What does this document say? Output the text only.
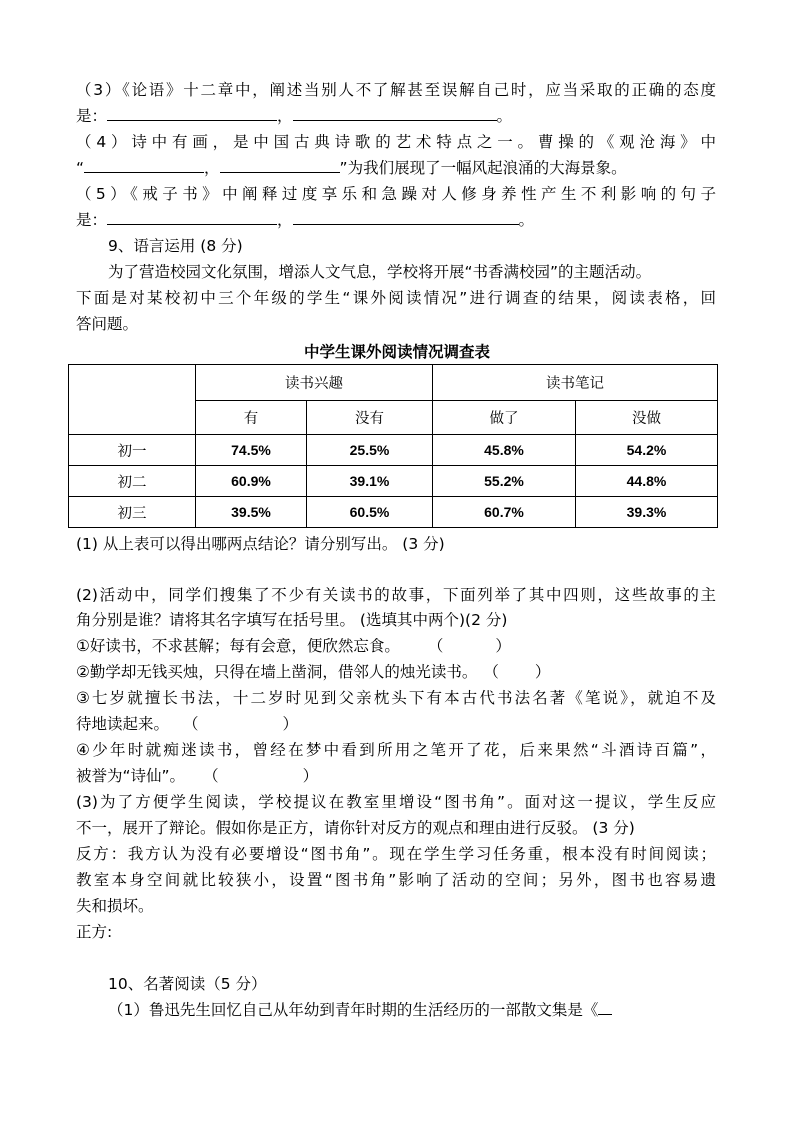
（3）《论语》十二章中，阐述当别人不了解甚至误解自己时，应当采取的正确的态度
是：	，	。
（4）诗中有画，是中国古典诗歌的艺术特点之一。曹操的《观沧海》中
“	，	”为我们展现了一幅风起浪涌的大海景象。
（5）《戒子书》中阐释过度享乐和急躁对人修身养性产生不利影响的句子
是：	，	。
9、语言运用 (8 分)
为了营造校园文化氛围，增添人文气息，学校将开展“书香满校园”的主题活动。
下面是对某校初中三个年级的学生“课外阅读情况”进行调查的结果，阅读表格，回
答问题。
中学生课外阅读情况调查表
	读书兴趣		读书笔记	
	有	没有	做了	没做
初一	74.5%	25.5%	45.8%	54.2%
初二	60.9%	39.1%	55.2%	44.8%
初三	39.5%	60.5%	60.7%	39.3%
(1) 从上表可以得出哪两点结论？请分别写出。 (3 分)
(2)活动中，同学们搜集了不少有关读书的故事，下面列举了其中四则，这些故事的主
角分别是谁？请将其名字填写在括号里。 (选填其中两个)(2 分)
①好读书，不求甚解；每有会意，便欣然忘食。 （	）
②勤学却无钱买烛，只得在墙上凿洞，借邻人的烛光读书。 （ ）
③七岁就擅长书法，十二岁时见到父亲枕头下有本古代书法名著《笔说》，就迫不及
待地读起来。 （	）
④少年时就痴迷读书，曾经在梦中看到所用之笔开了花，后来果然“斗酒诗百篇”，
被誉为“诗仙”。 （	）
(3)为了方便学生阅读，学校提议在教室里增设“图书角”。面对这一提议，学生反应
不一，展开了辩论。假如你是正方，请你针对反方的观点和理由进行反驳。 (3 分)
反方：我方认为没有必要增设“图书角”。现在学生学习任务重，根本没有时间阅读；
教室本身空间就比较狭小，设置“图书角”影响了活动的空间；另外，图书也容易遗
失和损坏。
正方:
10、名著阅读（5 分）
（1）鲁迅先生回忆自己从年幼到青年时期的生活经历的一部散文集是《
